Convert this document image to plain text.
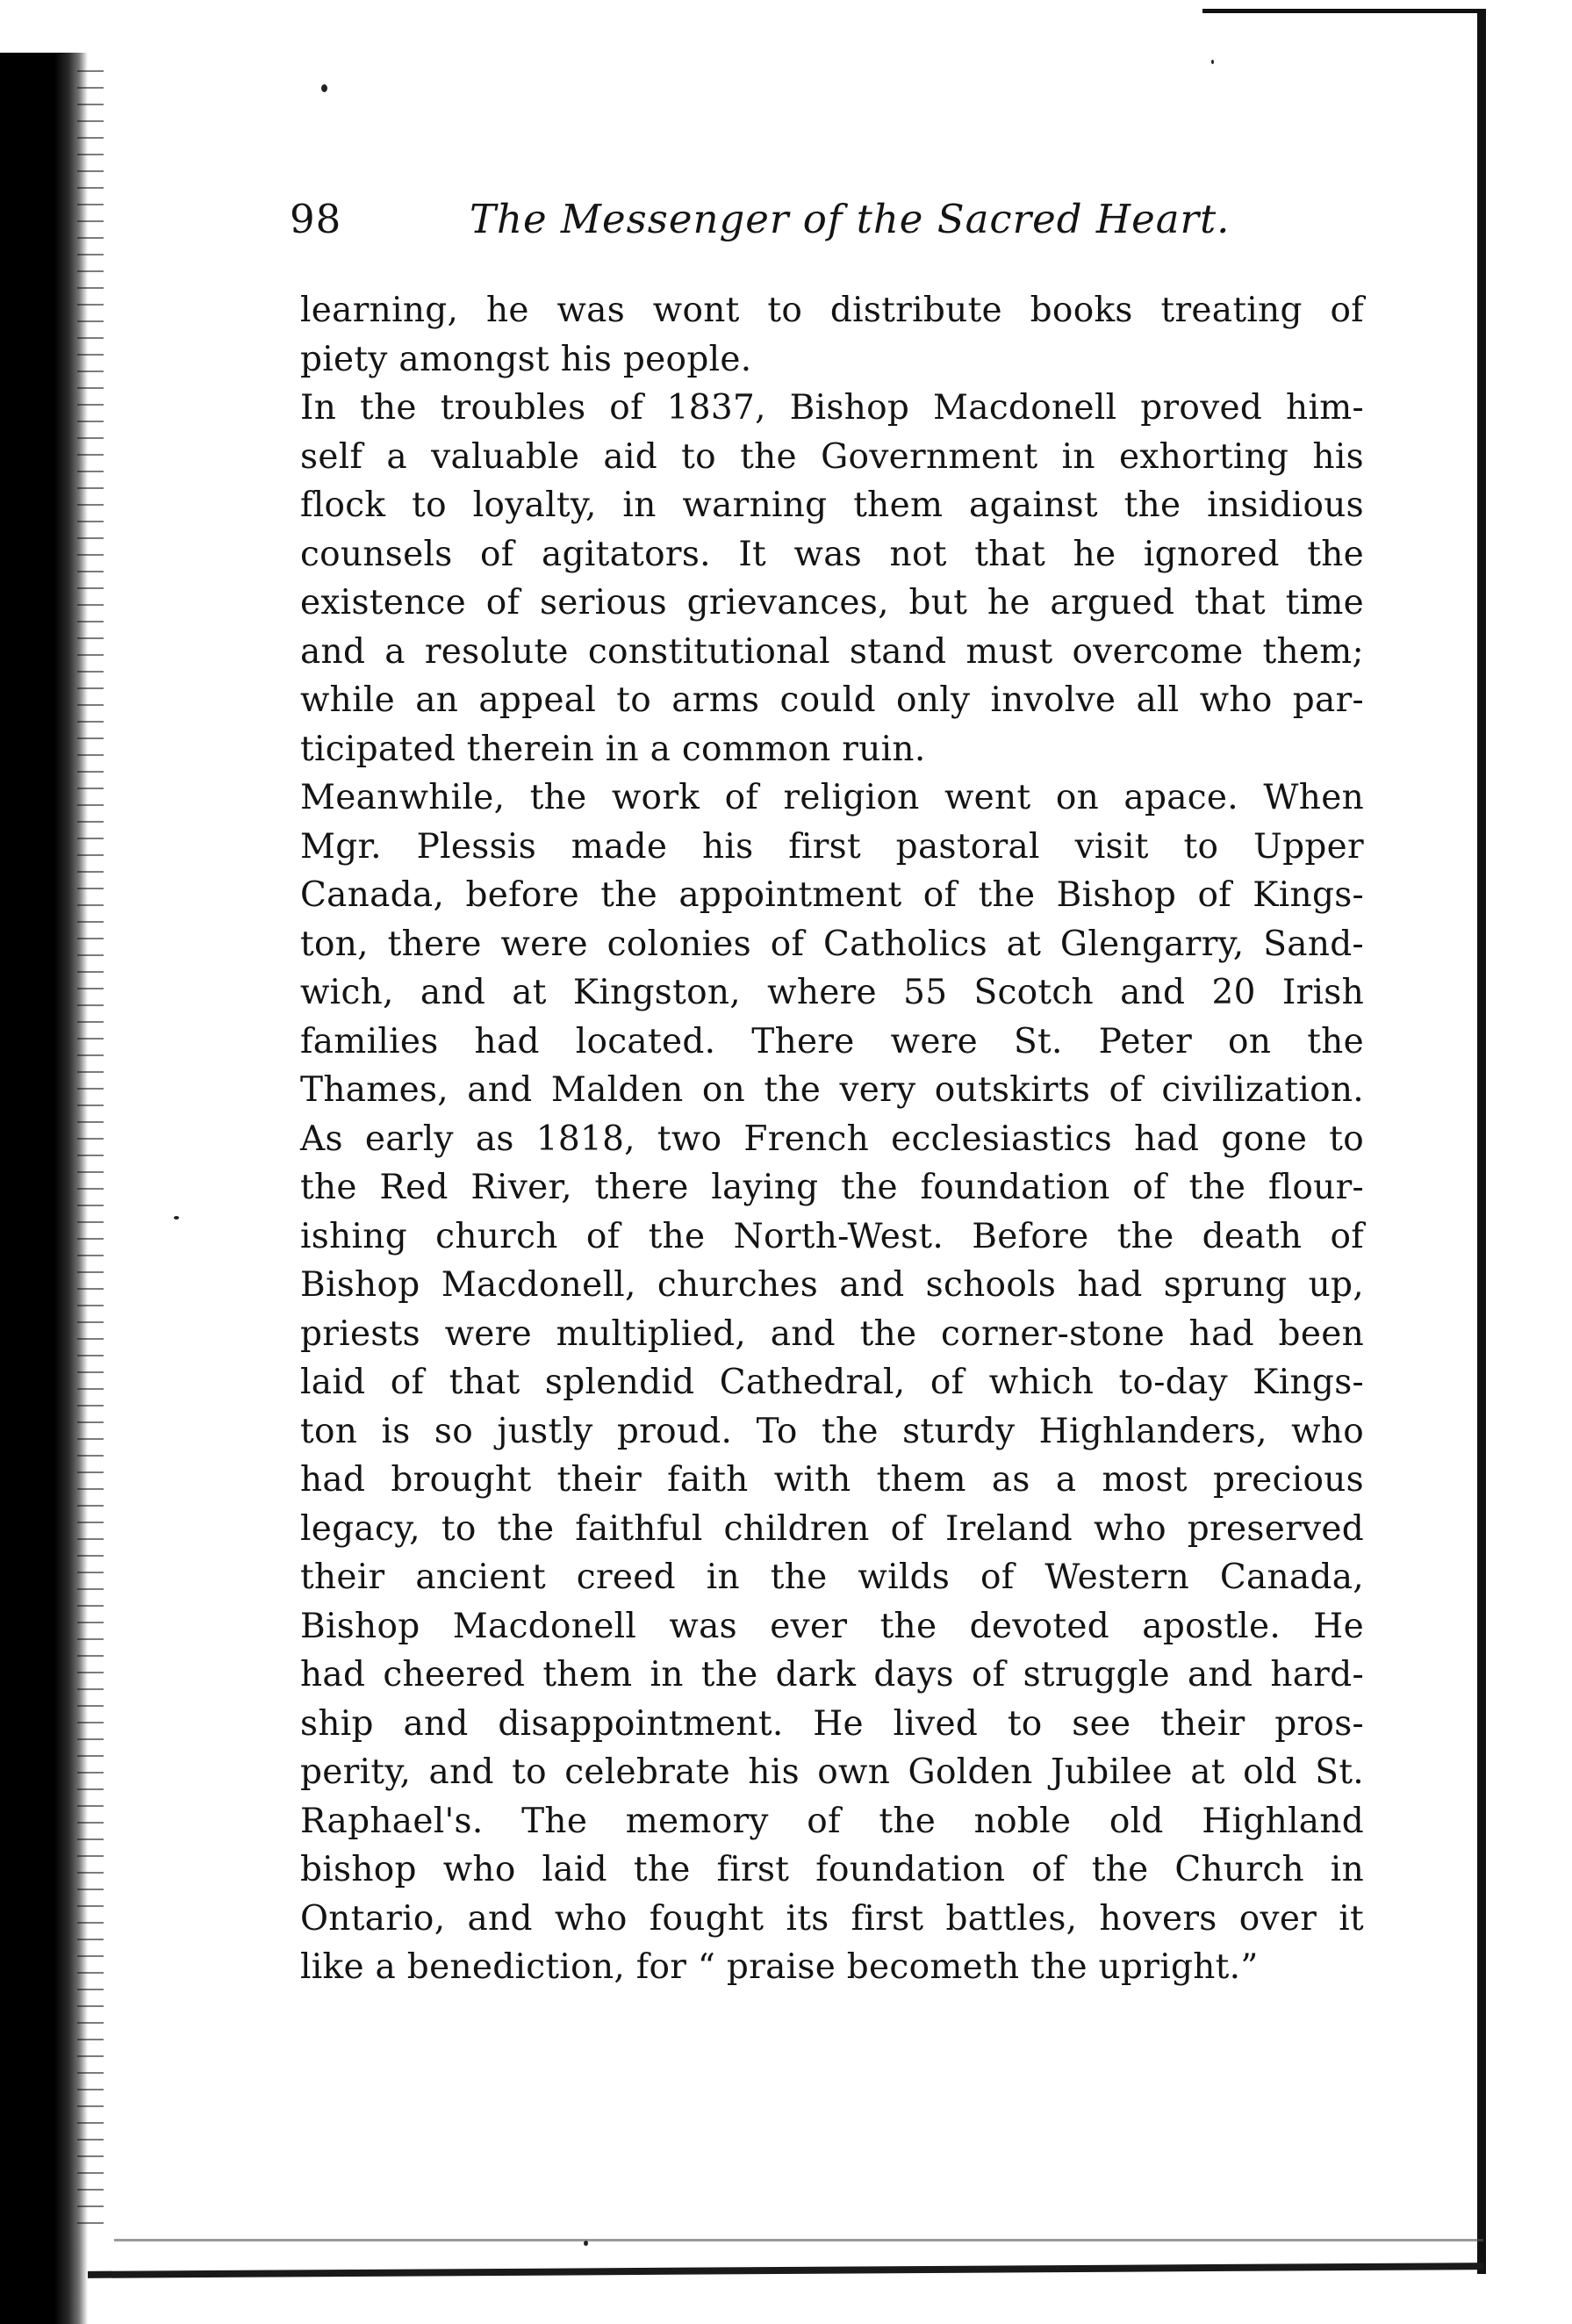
98	The Messenger of the Sacred Heart.
learning, he was wont to distribute books treating of
piety amongst his people.
In the troubles of 1837, Bishop Macdonell proved him-
self a valuable aid to the Government in exhorting his
flock to loyalty, in warning them against the insidious
counsels of agitators. It was not that he ignored the
existence of serious grievances, but he argued that time
and a resolute constitutional stand must overcome them;
while an appeal to arms could only involve all who par-
ticipated therein in a common ruin.
Meanwhile, the work of religion went on apace. When
Mgr. Plessis made his first pastoral visit to Upper
Canada, before the appointment of the Bishop of Kings-
ton, there were colonies of Catholics at Glengarry, Sand-
wich, and at Kingston, where 55 Scotch and 20 Irish
families had located. There were St. Peter on the
Thames, and Malden on the very outskirts of civilization.
As early as 1818, two French ecclesiastics had gone to
the Red River, there laying the foundation of the flour-
ishing church of the North-West. Before the death of
Bishop Macdonell, churches and schools had sprung up,
priests were multiplied, and the corner-stone had been
laid of that splendid Cathedral, of which to-day Kings-
ton is so justly proud. To the sturdy Highlanders, who
had brought their faith with them as a most precious
legacy, to the faithful children of Ireland who preserved
their ancient creed in the wilds of Western Canada,
Bishop Macdonell was ever the devoted apostle. He
had cheered them in the dark days of struggle and hard-
ship and disappointment. He lived to see their pros-
perity, and to celebrate his own Golden Jubilee at old St.
Raphael's. The memory of the noble old Highland
bishop who laid the first foundation of the Church in
Ontario, and who fought its first battles, hovers over it
like a benediction, for “ praise becometh the upright.”
